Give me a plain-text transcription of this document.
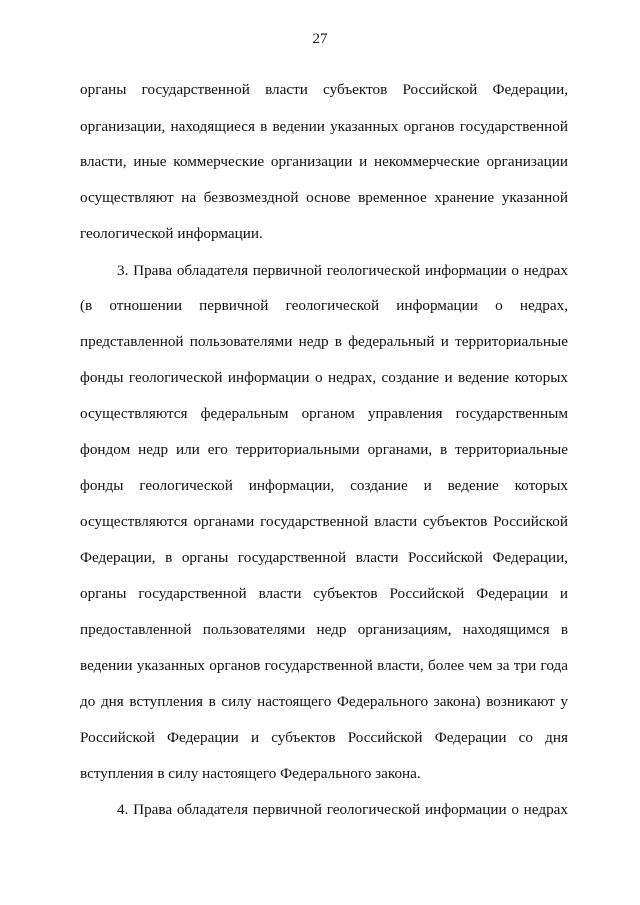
27
органы государственной власти субъектов Российской Федерации,
организации, находящиеся в ведении указанных органов государственной
власти, иные коммерческие организации и некоммерческие организации
осуществляют на безвозмездной основе временное хранение указанной
геологической информации.
3. Права обладателя первичной геологической информации о недрах
(в отношении первичной геологической информации о недрах,
представленной пользователями недр в федеральный и территориальные
фонды геологической информации о недрах, создание и ведение которых
осуществляются федеральным органом управления государственным
фондом недр или его территориальными органами, в территориальные
фонды геологической информации, создание и ведение которых
осуществляются органами государственной власти субъектов Российской
Федерации, в органы государственной власти Российской Федерации,
органы государственной власти субъектов Российской Федерации и
предоставленной пользователями недр организациям, находящимся в
ведении указанных органов государственной власти, более чем за три года
до дня вступления в силу настоящего Федерального закона) возникают у
Российской Федерации и субъектов Российской Федерации со дня
вступления в силу настоящего Федерального закона.
4. Права обладателя первичной геологической информации о недрах
